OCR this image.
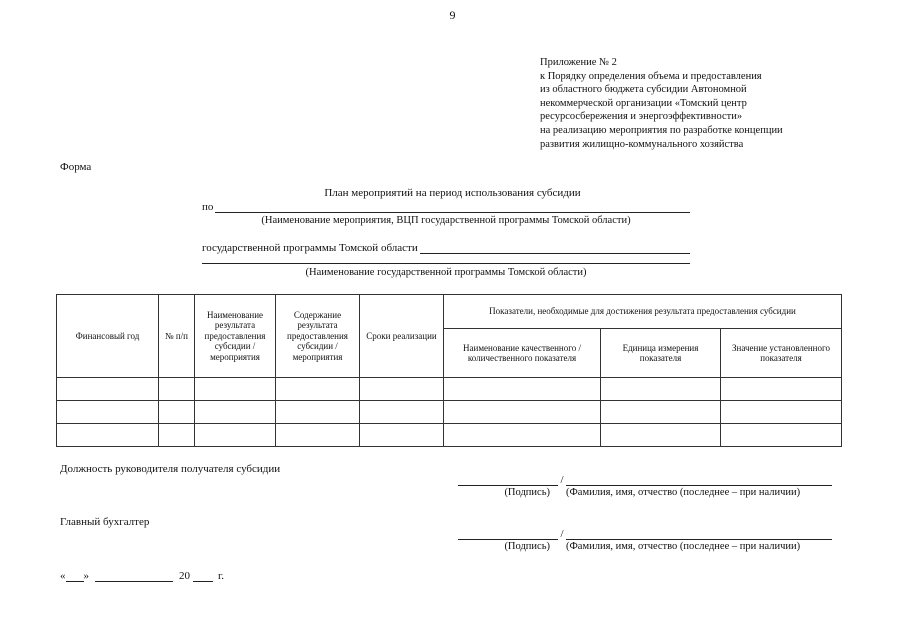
9
Приложение № 2
к Порядку определения объема и предоставления
из областного бюджета субсидии Автономной
некоммерческой организации «Томский центр
ресурсосбережения и энергоэффективности»
на реализацию мероприятия по разработке концепции
развития жилищно-коммунального хозяйства
Форма
План мероприятий на период использования субсидии
по
(Наименование мероприятия, ВЦП государственной программы Томской области)
государственной программы Томской области
(Наименование государственной программы Томской области)
Финансовый год	№ п/п	Наименование результата предоставления субсидии / мероприятия	Содержание результата предоставления субсидии / мероприятия	Сроки реализации	Показатели, необходимые для достижения результата предоставления субсидии		
					Наименование качественного / количественного показателя	Единица измерения показателя	Значение установленного показателя

Должность руководителя получателя субсидии
/
(Подпись)	(Фамилия, имя, отчество (последнее – при наличии)
Главный бухгалтер
/
(Подпись)	(Фамилия, имя, отчество (последнее – при наличии)
« »	20	г.
